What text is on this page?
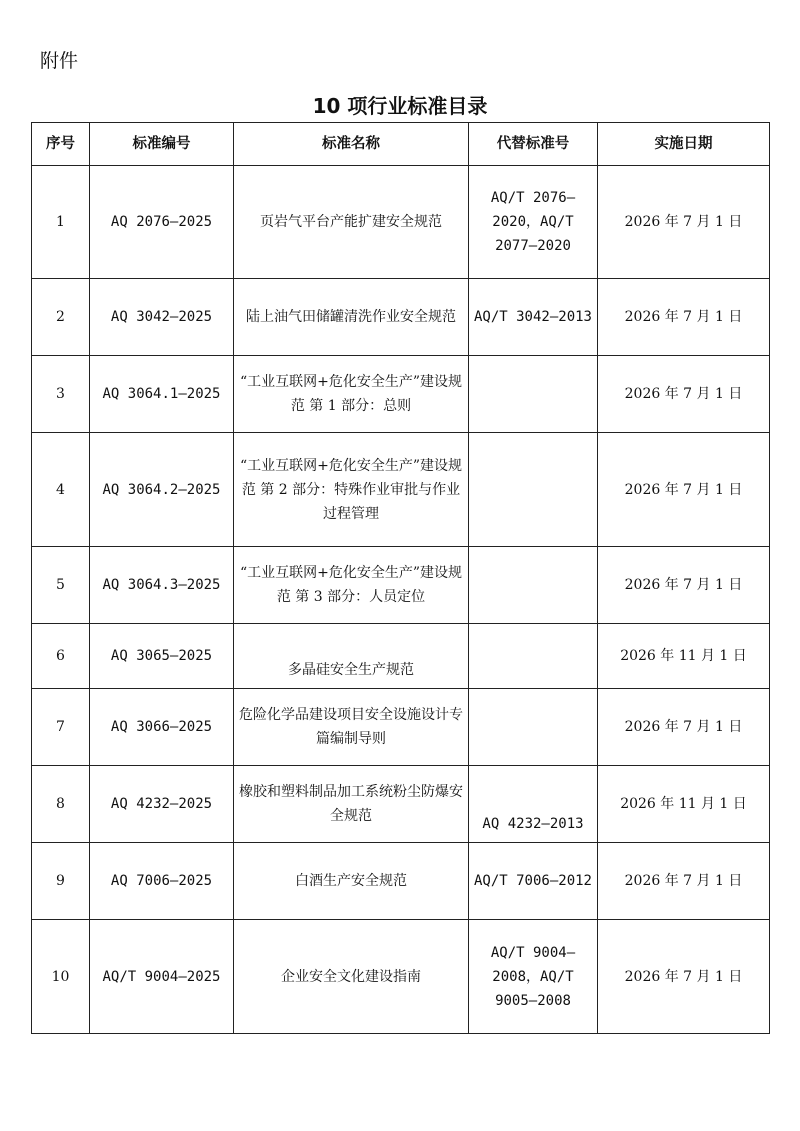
附件
10 项行业标准目录
序号	标准编号	标准名称	代替标准号	实施日期
1	AQ 2076—2025	页岩气平台产能扩建安全规范	AQ/T 2076—2020，AQ/T 2077—2020	2026 年 7 月 1 日
2	AQ 3042—2025	陆上油气田储罐清洗作业安全规范	AQ/T 3042—2013	2026 年 7 月 1 日
3	AQ 3064.1—2025	“工业互联网+危化安全生产”建设规范 第 1 部分：总则		2026 年 7 月 1 日
4	AQ 3064.2—2025	“工业互联网+危化安全生产”建设规范 第 2 部分：特殊作业审批与作业过程管理		2026 年 7 月 1 日
5	AQ 3064.3—2025	“工业互联网+危化安全生产”建设规范 第 3 部分：人员定位		2026 年 7 月 1 日
6	AQ 3065—2025	多晶硅安全生产规范		2026 年 11 月 1 日
7	AQ 3066—2025	危险化学品建设项目安全设施设计专篇编制导则		2026 年 7 月 1 日
8	AQ 4232—2025	橡胶和塑料制品加工系统粉尘防爆安全规范	AQ 4232—2013	2026 年 11 月 1 日
9	AQ 7006—2025	白酒生产安全规范	AQ/T 7006—2012	2026 年 7 月 1 日
10	AQ/T 9004—2025	企业安全文化建设指南	AQ/T 9004—2008，AQ/T 9005—2008	2026 年 7 月 1 日
